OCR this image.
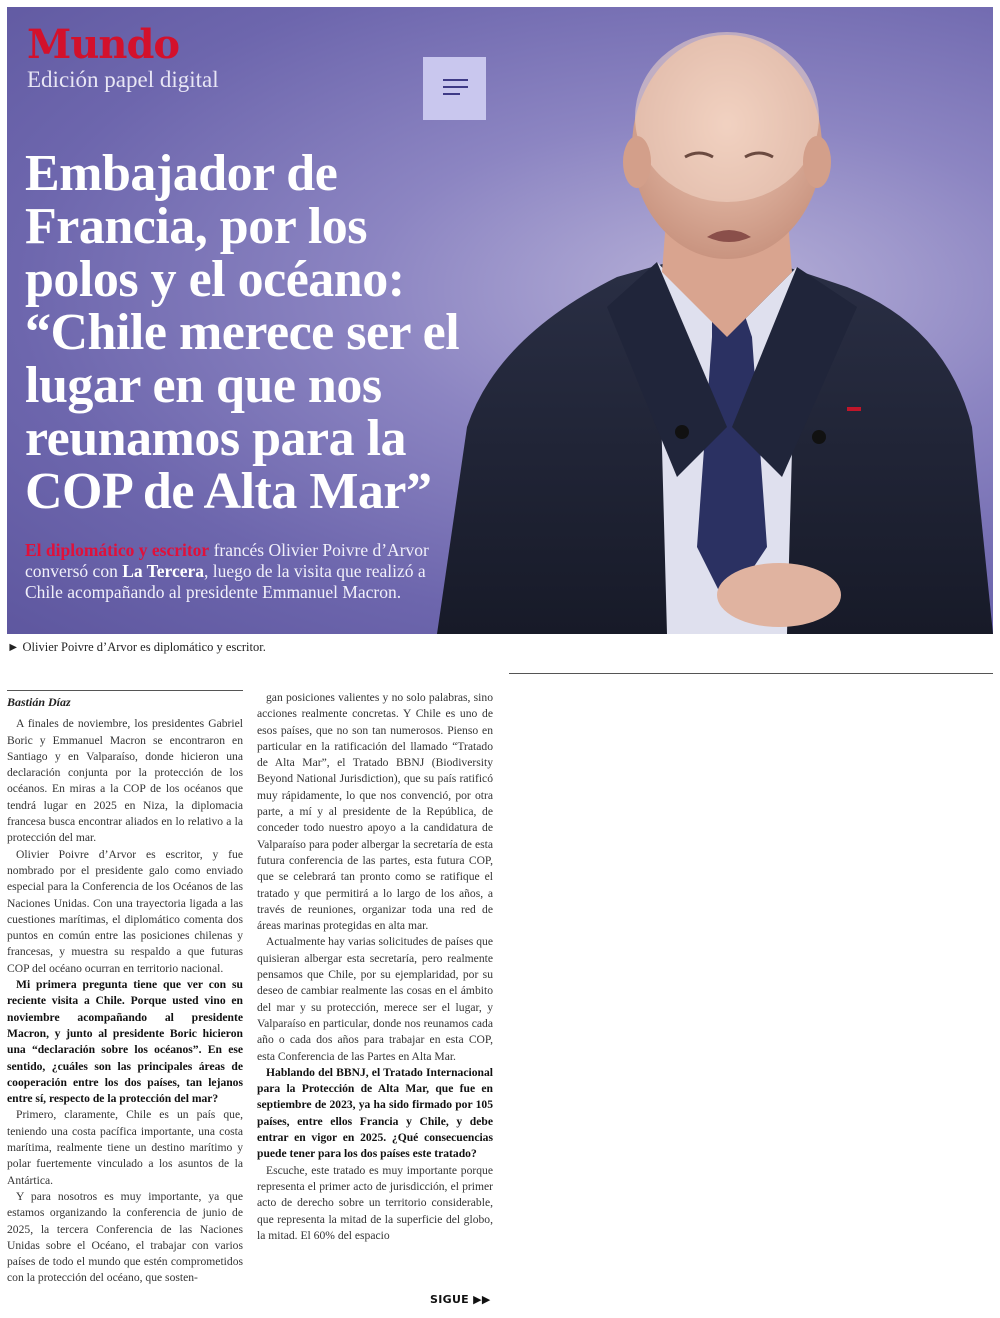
Mundo
Edición papel digital
Embajador de Francia, por los polos y el océano: “Chile merece ser el lugar en que nos reunamos para la COP de Alta Mar”
El diplomático y escritor francés Olivier Poivre d’Arvor conversó con La Tercera, luego de la visita que realizó a Chile acompañando al presidente Emmanuel Macron.
► Olivier Poivre d’Arvor es diplomático y escritor.
Bastián Díaz

A finales de noviembre, los presidentes Gabriel Boric y Emmanuel Macron se encontraron en Santiago y en Valparaíso, donde hicieron una declaración conjunta por la protección de los océanos. En miras a la COP de los océanos que tendrá lugar en 2025 en Niza, la diplomacia francesa busca encontrar aliados en lo relativo a la protección del mar.

Olivier Poivre d’Arvor es escritor, y fue nombrado por el presidente galo como enviado especial para la Conferencia de los Océanos de las Naciones Unidas. Con una trayectoria ligada a las cuestiones marítimas, el diplomático comenta dos puntos en común entre las posiciones chilenas y francesas, y muestra su respaldo a que futuras COP del océano ocurran en territorio nacional.

Mi primera pregunta tiene que ver con su reciente visita a Chile. Porque usted vino en noviembre acompañando al presidente Macron, y junto al presidente Boric hicieron una “declaración sobre los océanos”. En ese sentido, ¿cuáles son las principales áreas de cooperación entre los dos países, tan lejanos entre sí, respecto de la protección del mar?

Primero, claramente, Chile es un país que, teniendo una costa pacífica importante, una costa marítima, realmente tiene un destino marítimo y polar fuertemente vinculado a los asuntos de la Antártica.

Y para nosotros es muy importante, ya que estamos organizando la conferencia de junio de 2025, la tercera Conferencia de las Naciones Unidas sobre el Océano, el trabajar con varios países de todo el mundo que estén comprometidos con la protección del océano, que sosten-

gan posiciones valientes y no solo palabras, sino acciones realmente concretas. Y Chile es uno de esos países, que no son tan numerosos. Pienso en particular en la ratificación del llamado “Tratado de Alta Mar”, el Tratado BBNJ (Biodiversity Beyond National Jurisdiction), que su país ratificó muy rápidamente, lo que nos convenció, por otra parte, a mí y al presidente de la República, de conceder todo nuestro apoyo a la candidatura de Valparaíso para poder albergar la secretaría de esta futura conferencia de las partes, esta futura COP, que se celebrará tan pronto como se ratifique el tratado y que permitirá a lo largo de los años, a través de reuniones, organizar toda una red de áreas marinas protegidas en alta mar.

Actualmente hay varias solicitudes de países que quisieran albergar esta secretaría, pero realmente pensamos que Chile, por su ejemplaridad, por su deseo de cambiar realmente las cosas en el ámbito del mar y su protección, merece ser el lugar, y Valparaíso en particular, donde nos reunamos cada año o cada dos años para trabajar en esta COP, esta Conferencia de las Partes en Alta Mar.

Hablando del BBNJ, el Tratado Internacional para la Protección de Alta Mar, que fue en septiembre de 2023, ya ha sido firmado por 105 países, entre ellos Francia y Chile, y debe entrar en vigor en 2025. ¿Qué consecuencias puede tener para los dos países este tratado?

Escuche, este tratado es muy importante porque representa el primer acto de jurisdicción, el primer acto de derecho sobre un territorio considerable, que representa la mitad de la superficie del globo, la mitad. El 60% del espacio

SIGUE ▶▶
